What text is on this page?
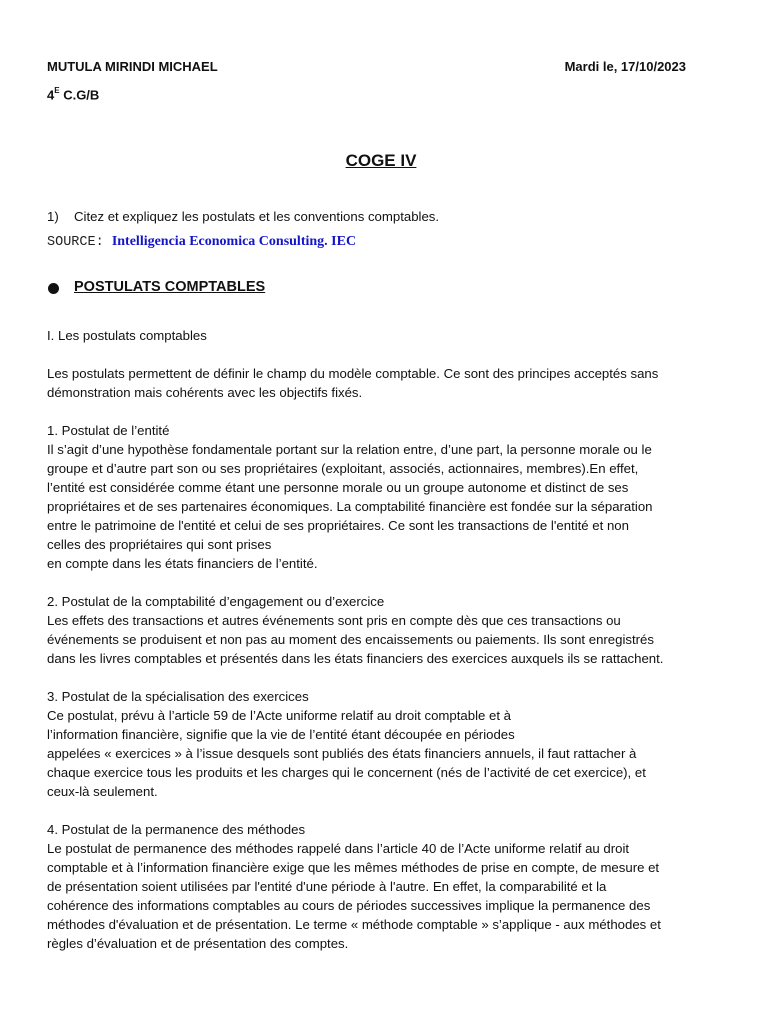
MUTULA MIRINDI MICHAEL	Mardi le, 17/10/2023
$4^E$ C.G/B
COGE IV
1) Citez et expliquez les postulats et les conventions comptables.
SOURCE: Intelligencia Economica Consulting. IEC
POSTULATS COMPTABLES
I. Les postulats comptables
Les postulats permettent de définir le champ du modèle comptable. Ce sont des principes acceptés sans
démonstration mais cohérents avec les objectifs fixés.
1. Postulat de l’entité
Il s’agit d’une hypothèse fondamentale portant sur la relation entre, d’une part, la personne morale ou le
groupe et d’autre part son ou ses propriétaires (exploitant, associés, actionnaires, membres).En effet,
l’entité est considérée comme étant une personne morale ou un groupe autonome et distinct de ses
propriétaires et de ses partenaires économiques. La comptabilité financière est fondée sur la séparation
entre le patrimoine de l'entité et celui de ses propriétaires. Ce sont les transactions de l'entité et non
celles des propriétaires qui sont prises
en compte dans les états financiers de l’entité.
2. Postulat de la comptabilité d’engagement ou d’exercice
Les effets des transactions et autres événements sont pris en compte dès que ces transactions ou
événements se produisent et non pas au moment des encaissements ou paiements. Ils sont enregistrés
dans les livres comptables et présentés dans les états financiers des exercices auxquels ils se rattachent.
3. Postulat de la spécialisation des exercices
Ce postulat, prévu à l’article 59 de l’Acte uniforme relatif au droit comptable et à
l’information financière, signifie que la vie de l’entité étant découpée en périodes
appelées « exercices » à l’issue desquels sont publiés des états financiers annuels, il faut rattacher à
chaque exercice tous les produits et les charges qui le concernent (nés de l’activité de cet exercice), et
ceux-là seulement.
4. Postulat de la permanence des méthodes
Le postulat de permanence des méthodes rappelé dans l’article 40 de l’Acte uniforme relatif au droit
comptable et à l’information financière exige que les mêmes méthodes de prise en compte, de mesure et
de présentation soient utilisées par l'entité d'une période à l'autre. En effet, la comparabilité et la
cohérence des informations comptables au cours de périodes successives implique la permanence des
méthodes d'évaluation et de présentation. Le terme « méthode comptable » s’applique - aux méthodes et
règles d’évaluation et de présentation des comptes.
